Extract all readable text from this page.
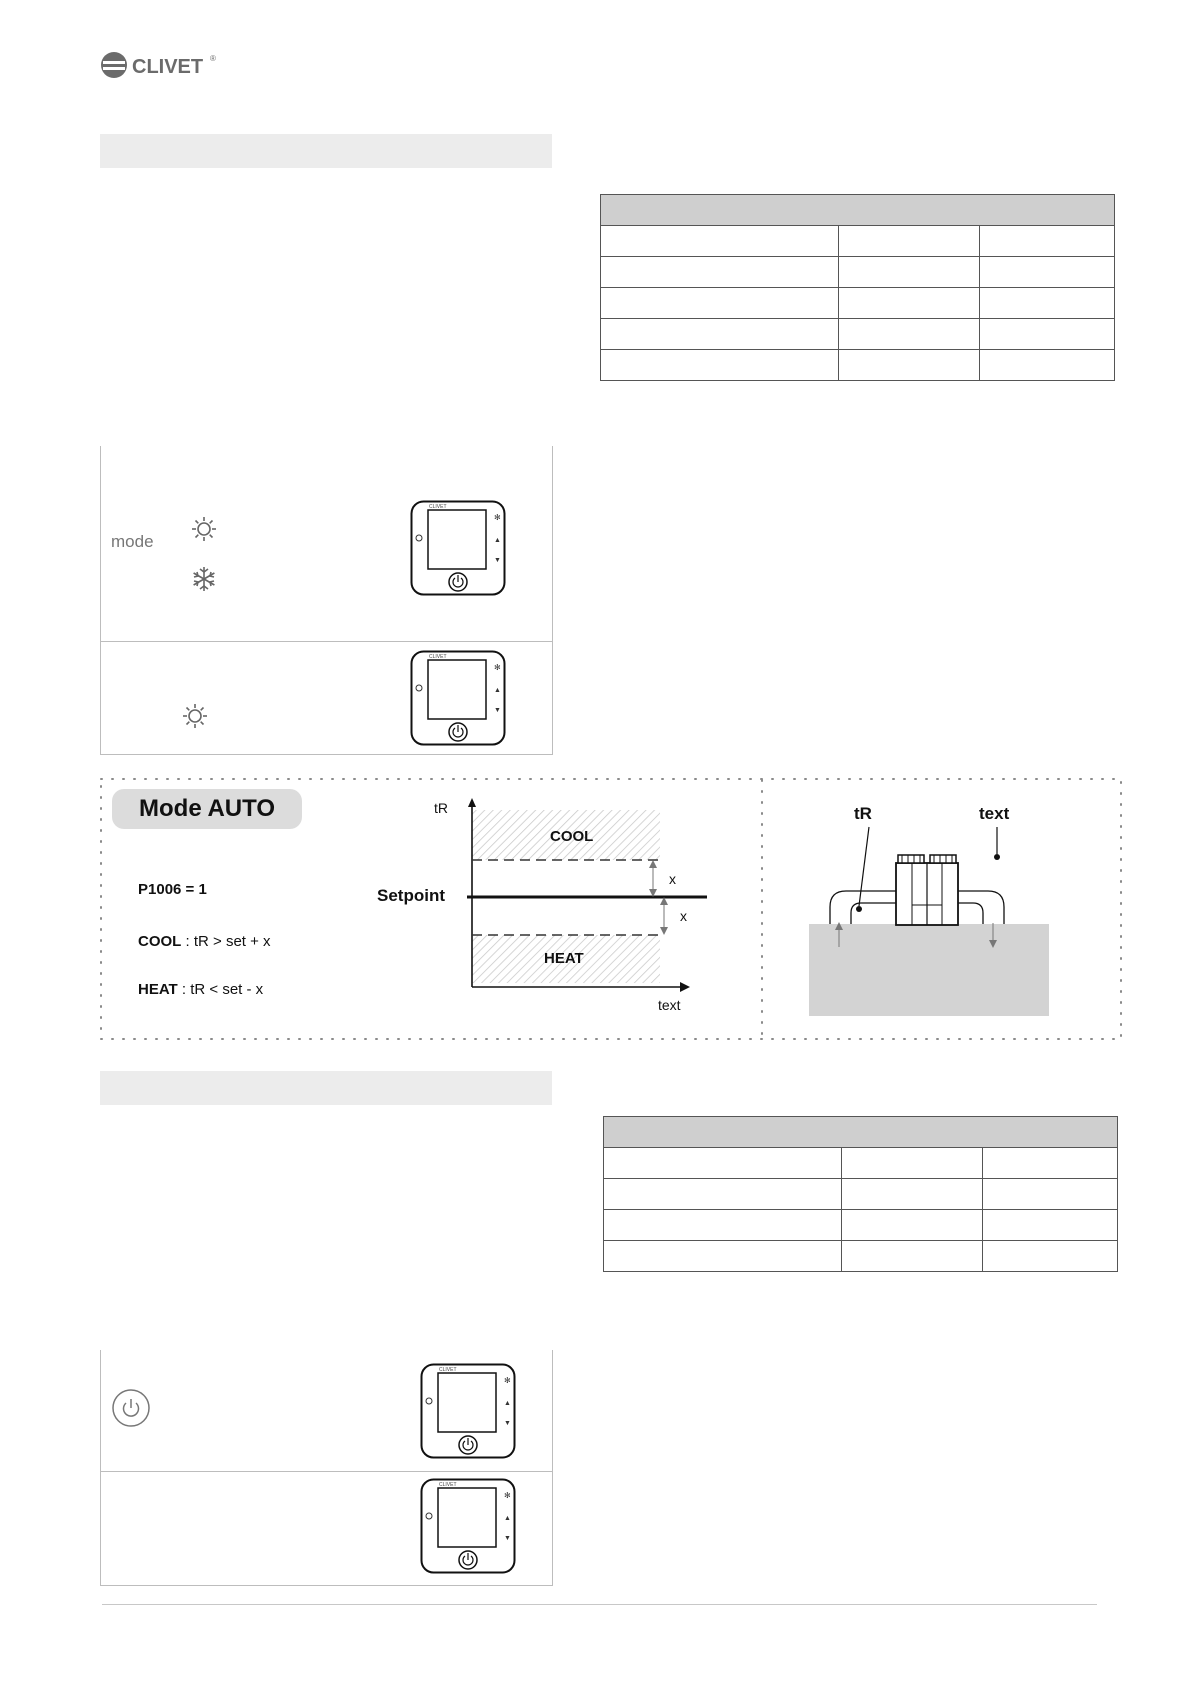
CLIVET ®

mode
CLIVET
✻
▲
▼
CLIVET
✻
▲
▼
Mode AUTO
P1006 = 1
COOL : tR > set + x
HEAT : tR < set - x
tR
text
Setpoint
COOL
HEAT
x
x
tR	text

CLIVET
✻
▲
▼
CLIVET
✻
▲
▼
